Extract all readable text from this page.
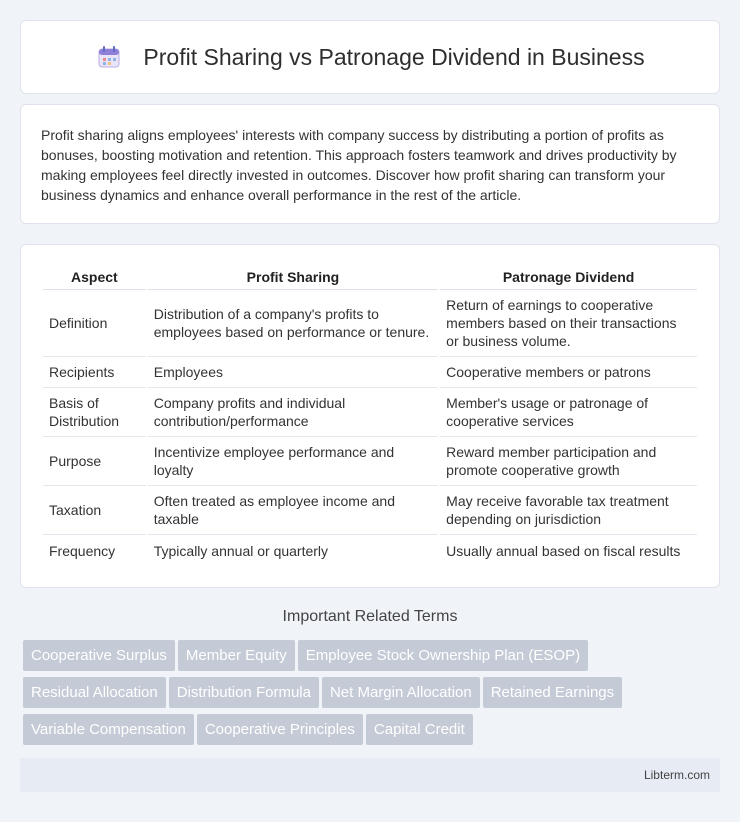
Profit Sharing vs Patronage Dividend in Business

Profit sharing aligns employees' interests with company success by distributing a portion of profits as bonuses, boosting motivation and retention. This approach fosters teamwork and drives productivity by making employees feel directly invested in outcomes. Discover how profit sharing can transform your business dynamics and enhance overall performance in the rest of the article.

Aspect	Profit Sharing	Patronage Dividend
Definition	Distribution of a company's profits to employees based on performance or tenure.	Return of earnings to cooperative members based on their transactions or business volume.
Recipients	Employees	Cooperative members or patrons
Basis of Distribution	Company profits and individual contribution/performance	Member's usage or patronage of cooperative services
Purpose	Incentivize employee performance and loyalty	Reward member participation and promote cooperative growth
Taxation	Often treated as employee income and taxable	May receive favorable tax treatment depending on jurisdiction
Frequency	Typically annual or quarterly	Usually annual based on fiscal results
Important Related Terms
Cooperative Surplus	Member Equity	Employee Stock Ownership Plan (ESOP)
Residual Allocation	Distribution Formula	Net Margin Allocation	Retained Earnings
Variable Compensation	Cooperative Principles	Capital Credit
Libterm.com
